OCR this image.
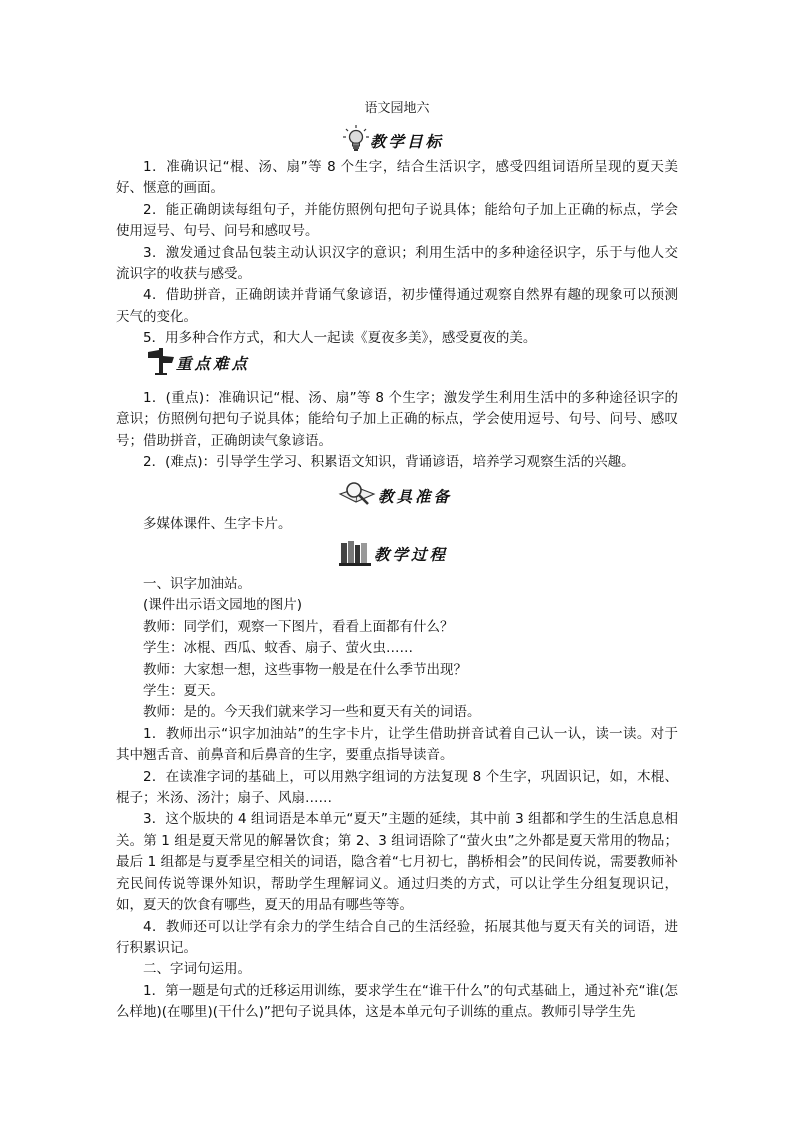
语文园地六
教学目标

1．准确识记“棍、汤、扇”等 8 个生字，结合生活识字，感受四组词语所呈现的夏天美好、惬意的画面。

2．能正确朗读每组句子，并能仿照例句把句子说具体；能给句子加上正确的标点，学会使用逗号、句号、问号和感叹号。

3．激发通过食品包装主动认识汉字的意识；利用生活中的多种途径识字，乐于与他人交流识字的收获与感受。

4．借助拼音，正确朗读并背诵气象谚语，初步懂得通过观察自然界有趣的现象可以预测天气的变化。

5．用多种合作方式，和大人一起读《夏夜多美》，感受夏夜的美。

重点难点

1．(重点)：准确识记“棍、汤、扇”等 8 个生字；激发学生利用生活中的多种途径识字的意识；仿照例句把句子说具体；能给句子加上正确的标点，学会使用逗号、句号、问号、感叹号；借助拼音，正确朗读气象谚语。

2．(难点)：引导学生学习、积累语文知识，背诵谚语，培养学习观察生活的兴趣。

教具准备

多媒体课件、生字卡片。

教学过程

一、识字加油站。

(课件出示语文园地的图片)

教师：同学们，观察一下图片，看看上面都有什么？

学生：冰棍、西瓜、蚊香、扇子、萤火虫……

教师：大家想一想，这些事物一般是在什么季节出现？

学生：夏天。

教师：是的。今天我们就来学习一些和夏天有关的词语。

1．教师出示“识字加油站”的生字卡片，让学生借助拼音试着自己认一认，读一读。对于其中翘舌音、前鼻音和后鼻音的生字，要重点指导读音。

2．在读准字词的基础上，可以用熟字组词的方法复现 8 个生字，巩固识记，如，木棍、棍子；米汤、汤汁；扇子、风扇……

3．这个版块的 4 组词语是本单元“夏天”主题的延续，其中前 3 组都和学生的生活息息相关。第 1 组是夏天常见的解暑饮食；第 2、3 组词语除了“萤火虫”之外都是夏天常用的物品；最后 1 组都是与夏季星空相关的词语，隐含着“七月初七，鹊桥相会”的民间传说，需要教师补充民间传说等课外知识，帮助学生理解词义。通过归类的方式，可以让学生分组复现识记，如，夏天的饮食有哪些，夏天的用品有哪些等等。

4．教师还可以让学有余力的学生结合自己的生活经验，拓展其他与夏天有关的词语，进行积累识记。

二、字词句运用。

1．第一题是句式的迁移运用训练，要求学生在“谁干什么”的句式基础上，通过补充“谁(怎么样地)(在哪里)(干什么)”把句子说具体，这是本单元句子训练的重点。教师引导学生先
